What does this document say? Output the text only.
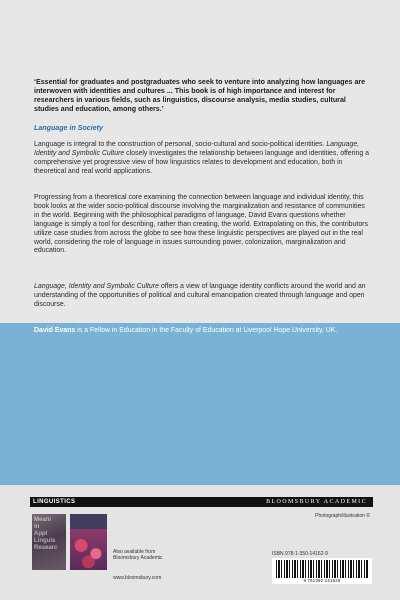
‘Essential for graduates and postgraduates who seek to venture into analyzing how languages are interwoven with identities and cultures ... This book is of high importance and interest for researchers in various fields, such as linguistics, discourse analysis, media studies, cultural studies and education, among others.’
Language in Society
Language is integral to the construction of personal, socio-cultural and socio-political identities. Language, Identity and Symbolic Culture closely investigates the relationship between language and identities, offering a comprehensive yet progressive view of how linguistics relates to development and education, both in theoretical and real world applications.
Progressing from a theoretical core examining the connection between language and individual identity, this book looks at the wider socio-political discourse involving the marginalization and resistance of communities in the world. Beginning with the philosophical paradigms of language, David Evans questions whether language is simply a tool for describing, rather than creating, the world. Extrapolating on this, the contributors utilize case studies from across the globe to see how these linguistic perspectives are played out in the real world, considering the role of language in issues surrounding power, colonization, marginalization and education.
Language, Identity and Symbolic Culture offers a view of language identity conflicts around the world and an understanding of the opportunities of political and cultural emancipation created through language and open discourse.
David Evans is a Fellow in Education in the Faculty of Education at Liverpool Hope University, UK.
LINGUISTICS	BLOOMSBURY ACADEMIC
Photograph/illustration ©
Meani
in
Appl
Linguis
Researc
Also available from Bloomsbury Academic
www.bloomsbury.com
ISBN 978-1-350-14162-9
9 781350 141629
